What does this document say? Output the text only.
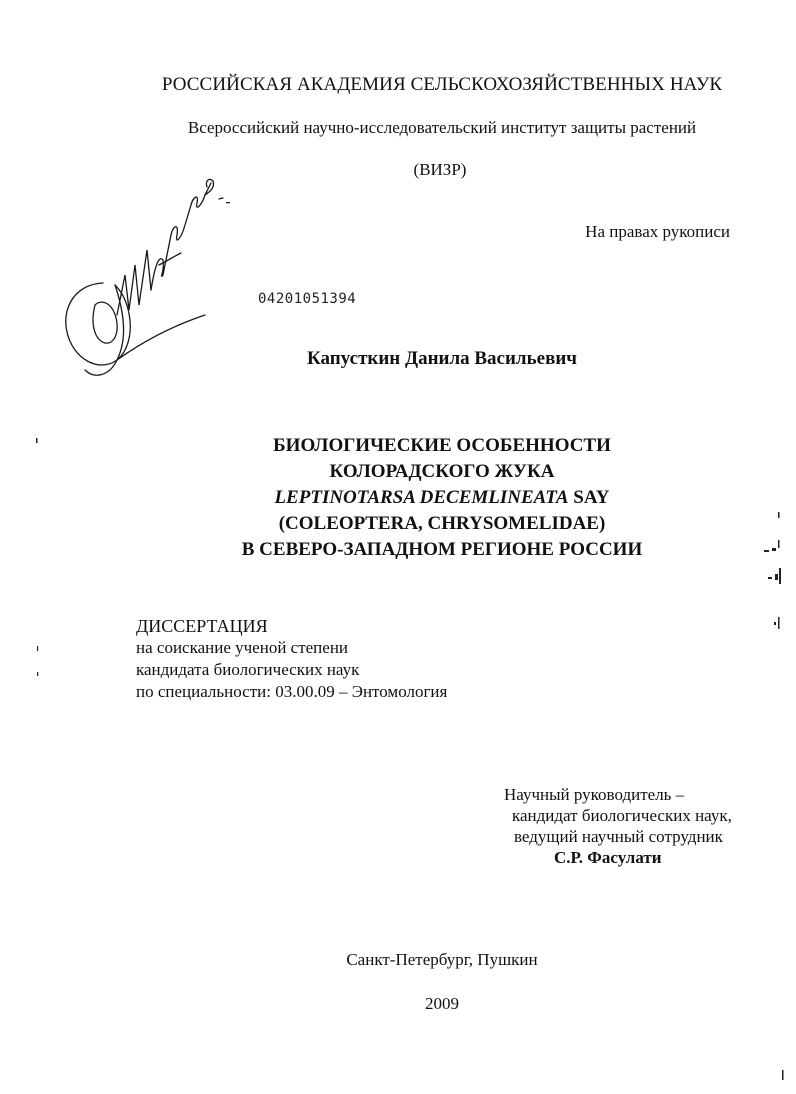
РОССИЙСКАЯ АКАДЕМИЯ СЕЛЬСКОХОЗЯЙСТВЕННЫХ НАУК
Всероссийский научно-исследовательский институт защиты растений
(ВИЗР)
На правах рукописи
04201051394
Капусткин Данила Васильевич
БИОЛОГИЧЕСКИЕ ОСОБЕННОСТИ
КОЛОРАДСКОГО ЖУКА
LEPTINOTARSA DECEMLINEATA SAY
(COLEOPTERA, CHRYSOMELIDAE)
В СЕВЕРО-ЗАПАДНОМ РЕГИОНЕ РОССИИ
ДИССЕРТАЦИЯ
на соискание ученой степени
кандидата биологических наук
по специальности: 03.00.09 – Энтомология
Научный руководитель –
кандидат биологических наук,
ведущий научный сотрудник
С.Р. Фасулати
Санкт-Петербург, Пушкин
2009
